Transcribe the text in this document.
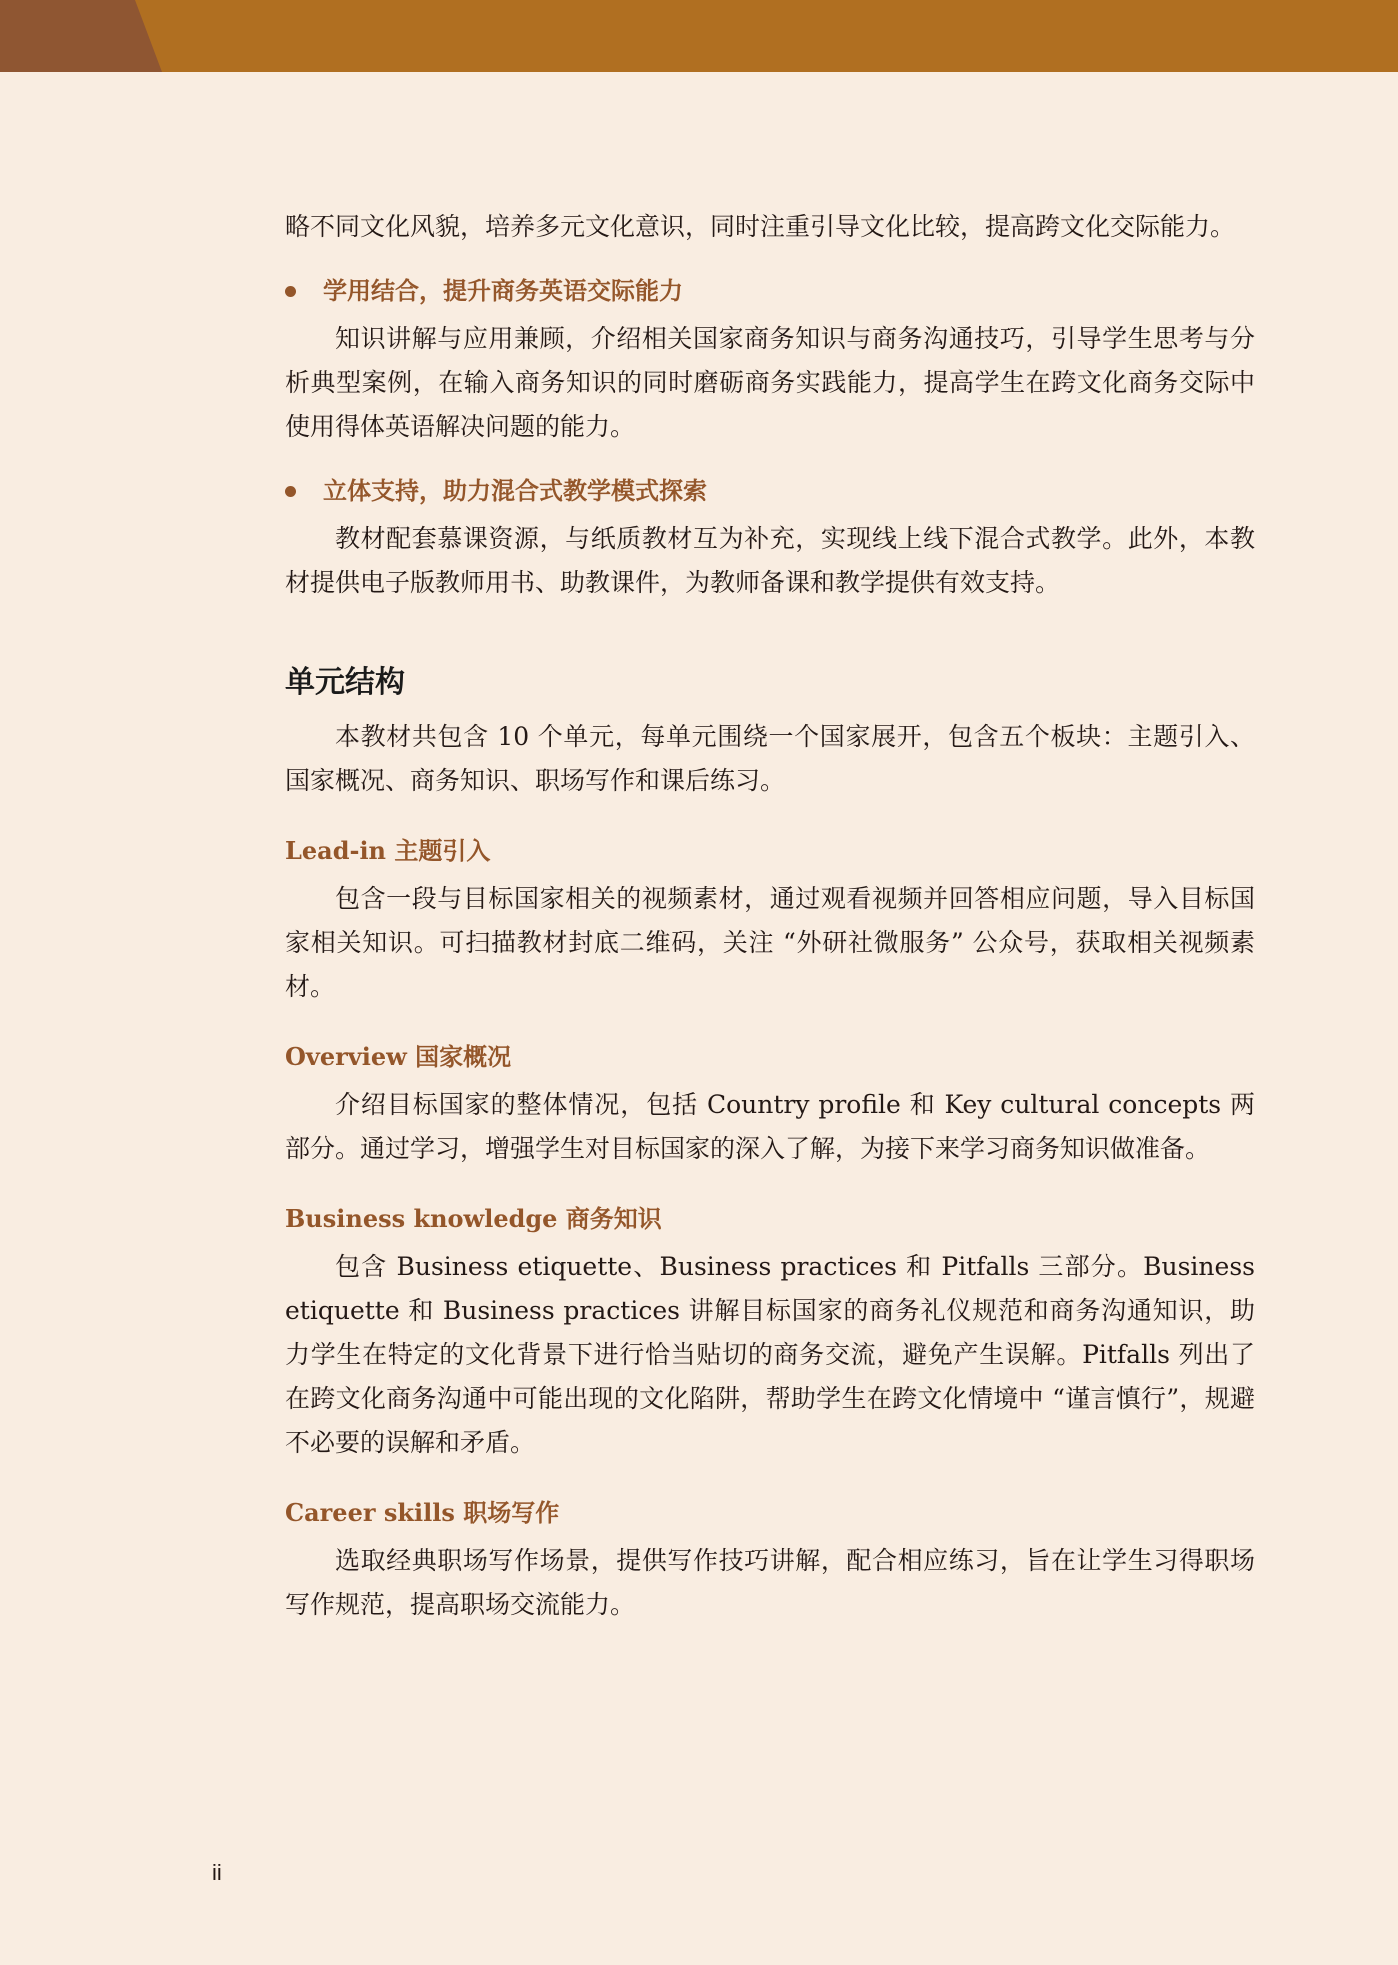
略不同文化风貌，培养多元文化意识，同时注重引导文化比较，提高跨文化交际能力。

学用结合，提升商务英语交际能力

知识讲解与应用兼顾，介绍相关国家商务知识与商务沟通技巧，引导学生思考与分析典型案例，在输入商务知识的同时磨砺商务实践能力，提高学生在跨文化商务交际中使用得体英语解决问题的能力。

立体支持，助力混合式教学模式探索

教材配套慕课资源，与纸质教材互为补充，实现线上线下混合式教学。此外，本教材提供电子版教师用书、助教课件，为教师备课和教学提供有效支持。

单元结构

本教材共包含 10 个单元，每单元围绕一个国家展开，包含五个板块：主题引入、国家概况、商务知识、职场写作和课后练习。

Lead-in 主题引入

包含一段与目标国家相关的视频素材，通过观看视频并回答相应问题，导入目标国家相关知识。可扫描教材封底二维码，关注 “外研社微服务” 公众号，获取相关视频素材。

Overview 国家概况

介绍目标国家的整体情况，包括 Country profile 和 Key cultural concepts 两部分。通过学习，增强学生对目标国家的深入了解，为接下来学习商务知识做准备。

Business knowledge 商务知识

包含 Business etiquette、Business practices 和 Pitfalls 三部分。Business etiquette 和 Business practices 讲解目标国家的商务礼仪规范和商务沟通知识，助力学生在特定的文化背景下进行恰当贴切的商务交流，避免产生误解。Pitfalls 列出了在跨文化商务沟通中可能出现的文化陷阱，帮助学生在跨文化情境中 “谨言慎行”，规避不必要的误解和矛盾。

Career skills 职场写作

选取经典职场写作场景，提供写作技巧讲解，配合相应练习，旨在让学生习得职场写作规范，提高职场交流能力。

ii
